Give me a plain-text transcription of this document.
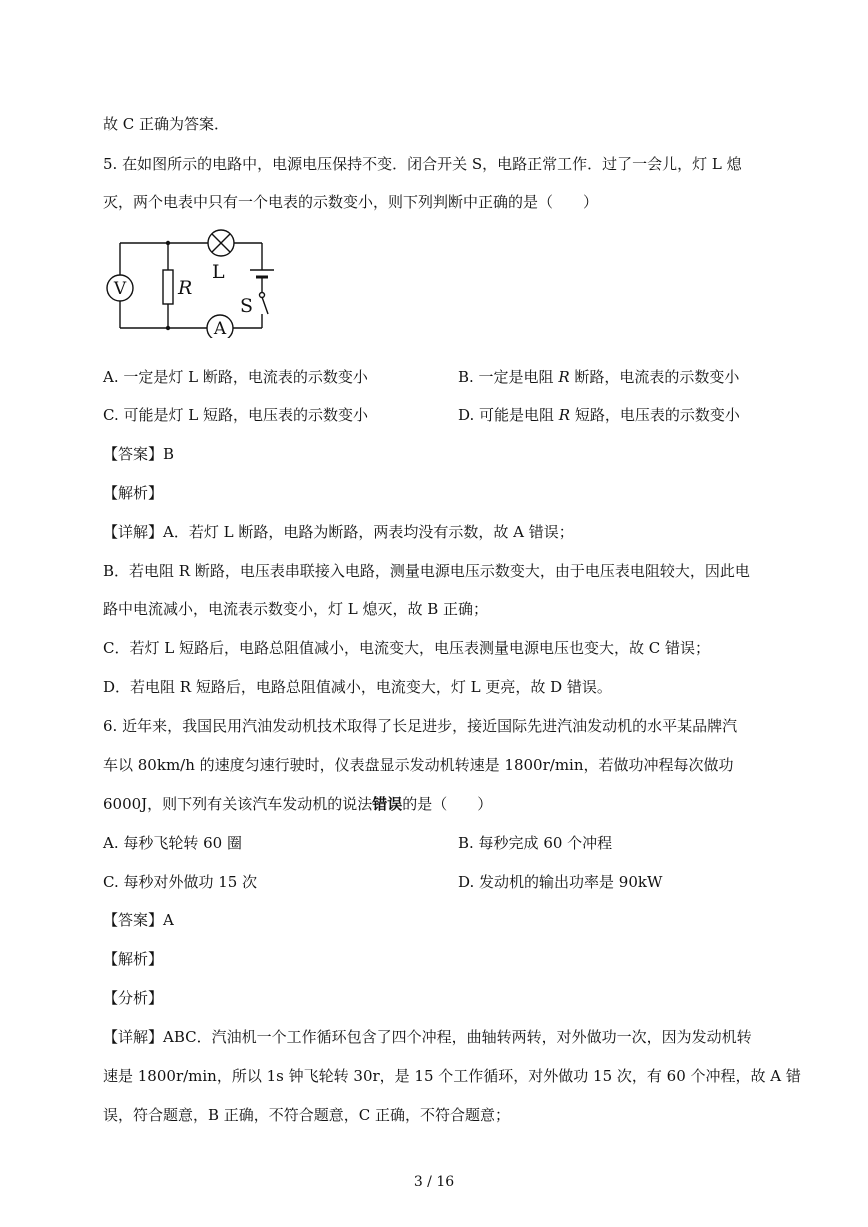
故 C 正确为答案．
5. 在如图所示的电路中，电源电压保持不变．闭合开关 S，电路正常工作．过了一会儿，灯 L 熄
灭，两个电表中只有一个电表的示数变小，则下列判断中正确的是（　　）
V
A
L
R
S
A. 一定是灯 L 断路，电流表的示数变小	B. 一定是电阻 R 断路，电流表的示数变小
C. 可能是灯 L 短路，电压表的示数变小	D. 可能是电阻 R 短路，电压表的示数变小
【答案】B
【解析】
【详解】A．若灯 L 断路，电路为断路，两表均没有示数，故 A 错误；
B．若电阻 R 断路，电压表串联接入电路，测量电源电压示数变大，由于电压表电阻较大，因此电
路中电流减小，电流表示数变小，灯 L 熄灭，故 B 正确；
C．若灯 L 短路后，电路总阻值减小，电流变大，电压表测量电源电压也变大，故 C 错误；
D．若电阻 R 短路后，电路总阻值减小，电流变大，灯 L 更亮，故 D 错误。
6. 近年来，我国民用汽油发动机技术取得了长足进步，接近国际先进汽油发动机的水平某品牌汽
车以 80km/h 的速度匀速行驶时，仪表盘显示发动机转速是 1800r/min，若做功冲程每次做功
6000J，则下列有关该汽车发动机的说法错误的是（　　）
A. 每秒飞轮转 60 圈	B. 每秒完成 60 个冲程
C. 每秒对外做功 15 次	D. 发动机的输出功率是 90kW
【答案】A
【解析】
【分析】
【详解】ABC．汽油机一个工作循环包含了四个冲程，曲轴转两转，对外做功一次，因为发动机转
速是 1800r/min，所以 1s 钟飞轮转 30r，是 15 个工作循环，对外做功 15 次，有 60 个冲程，故 A 错
误，符合题意，B 正确，不符合题意，C 正确，不符合题意；
3 / 16
